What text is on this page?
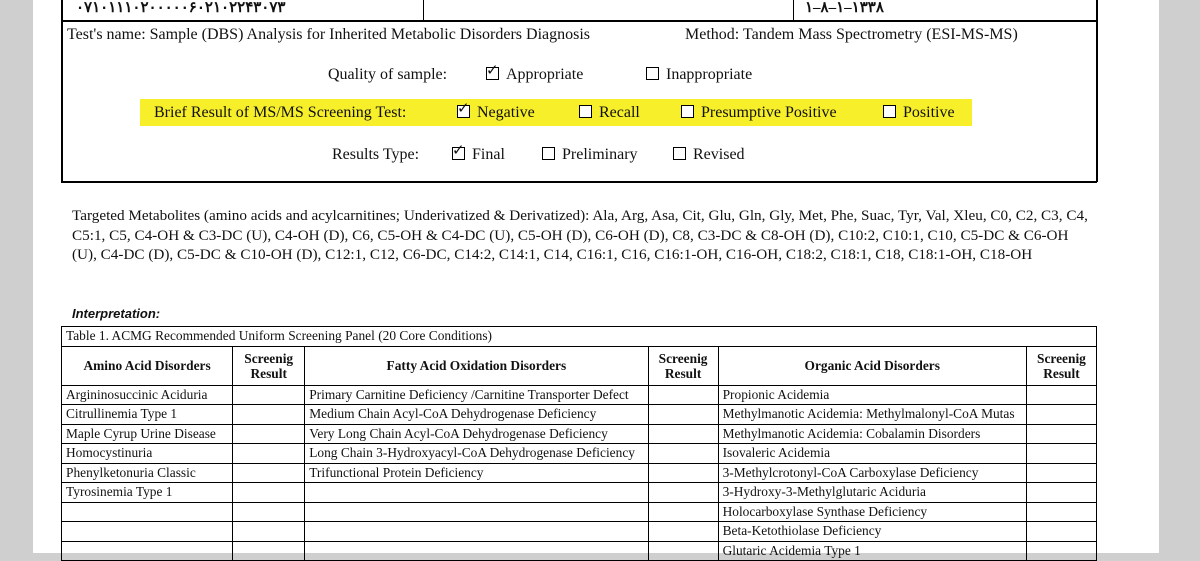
۰۷۱۰۱۱۱۰۲۰۰۰۰۰۶۰۲۱۰۲۲۴۳۰۷۳	۱–۸–۱–۱۳۳۸
Test's name: Sample (DBS) Analysis for Inherited Metabolic Disorders Diagnosis	Method: Tandem Mass Spectrometry (ESI-MS-MS)
Quality of sample:	✓ Appropriate	Inappropriate
Brief Result of MS/MS Screening Test:	✓ Negative	Recall	Presumptive Positive	Positive
Results Type: ✓ Final	Preliminary	Revised
Targeted Metabolites (amino acids and acylcarnitines; Underivatized & Derivatized): Ala, Arg, Asa, Cit, Glu, Gln, Gly, Met, Phe, Suac, Tyr, Val, Xleu, C0, C2, C3, C4, C5:1, C5, C4-OH & C3-DC (U), C4-OH (D), C6, C5-OH & C4-DC (U), C5-OH (D), C6-OH (D), C8, C3-DC & C8-OH (D), C10:2, C10:1, C10, C5-DC & C6-OH (U), C4-DC (D), C5-DC & C10-OH (D), C12:1, C12, C6-DC, C14:2, C14:1, C14, C16:1, C16, C16:1-OH, C16-OH, C18:2, C18:1, C18, C18:1-OH, C18-OH
Interpretation:
Table 1. ACMG Recommended Uniform Screening Panel (20 Core Conditions)					
Amino Acid Disorders	Screenig Result	Fatty Acid Oxidation Disorders	Screenig Result	Organic Acid Disorders	Screenig Result
Argininosuccinic Aciduria		Primary Carnitine Deficiency /Carnitine Transporter Defect		Propionic Acidemia	
Citrullinemia Type 1		Medium Chain Acyl-CoA Dehydrogenase Deficiency		Methylmanotic Acidemia: Methylmalonyl-CoA Mutas	
Maple Cyrup Urine Disease		Very Long Chain Acyl-CoA Dehydrogenase Deficiency		Methylmanotic Acidemia: Cobalamin Disorders	
Homocystinuria		Long Chain 3-Hydroxyacyl-CoA Dehydrogenase Deficiency		Isovaleric Acidemia	
Phenylketonuria Classic		Trifunctional Protein Deficiency		3-Methylcrotonyl-CoA Carboxylase Deficiency	
Tyrosinemia Type 1				3-Hydroxy-3-Methylglutaric Aciduria	
				Holocarboxylase Synthase Deficiency	
				Beta-Ketothiolase Deficiency	
				Glutaric Acidemia Type 1	
